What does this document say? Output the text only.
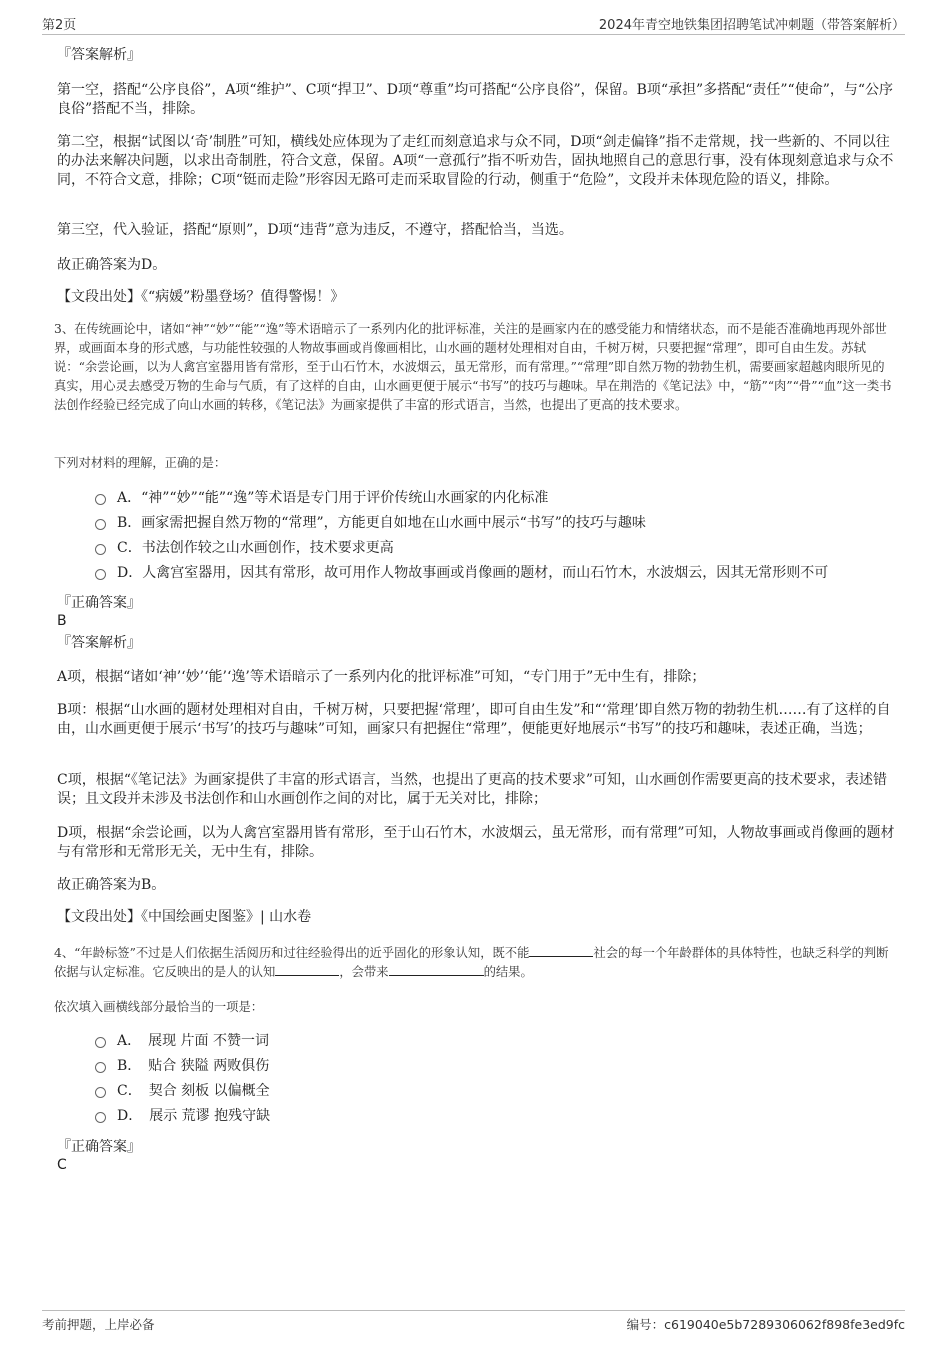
第2页	2024年青空地铁集团招聘笔试冲刺题（带答案解析）
『答案解析』

第一空，搭配“公序良俗”，A项“维护”、C项“捍卫”、D项“尊重”均可搭配“公序良俗”，保留。B项“承担”多搭配“责任”“使命”，与“公序良俗”搭配不当，排除。

第二空，根据“试图以‘奇’制胜”可知，横线处应体现为了走红而刻意追求与众不同，D项“剑走偏锋”指不走常规，找一些新的、不同以往的办法来解决问题，以求出奇制胜，符合文意，保留。A项“一意孤行”指不听劝告，固执地照自己的意思行事，没有体现刻意追求与众不同，不符合文意，排除；C项“铤而走险”形容因无路可走而采取冒险的行动，侧重于“危险”，文段并未体现危险的语义，排除。

第三空，代入验证，搭配“原则”，D项“违背”意为违反，不遵守，搭配恰当，当选。

故正确答案为D。

【文段出处】《“病媛”粉墨登场？值得警惕！》

3、在传统画论中，诸如“神”“妙”“能”“逸”等术语暗示了一系列内化的批评标准，关注的是画家内在的感受能力和情绪状态，而不是能否准确地再现外部世界，或画面本身的形式感，与功能性较强的人物故事画或肖像画相比，山水画的题材处理相对自由，千树万树，只要把握“常理”，即可自由生发。苏轼说：“余尝论画，以为人禽宫室器用皆有常形，至于山石竹木，水波烟云，虽无常形，而有常理。”“常理”即自然万物的勃勃生机，需要画家超越肉眼所见的真实，用心灵去感受万物的生命与气质，有了这样的自由，山水画更便于展示“书写”的技巧与趣味。早在荆浩的《笔记法》中，“筋”“肉”“骨”“血”这一类书法创作经验已经完成了向山水画的转移，《笔记法》为画家提供了丰富的形式语言，当然，也提出了更高的技术要求。

下列对材料的理解，正确的是：

A．“神”“妙”“能”“逸”等术语是专门用于评价传统山水画家的内化标准
B．画家需把握自然万物的“常理”，方能更自如地在山水画中展示“书写”的技巧与趣味
C．书法创作较之山水画创作，技术要求更高
D．人禽宫室器用，因其有常形，故可用作人物故事画或肖像画的题材，而山石竹木，水波烟云，因其无常形则不可
『正确答案』
B
『答案解析』

A项，根据“诸如‘神’‘妙’‘能’‘逸’等术语暗示了一系列内化的批评标准”可知，“专门用于”无中生有，排除；

B项：根据“山水画的题材处理相对自由，千树万树，只要把握‘常理’，即可自由生发”和“‘常理’即自然万物的勃勃生机……有了这样的自由，山水画更便于展示‘书写’的技巧与趣味”可知，画家只有把握住“常理”，便能更好地展示“书写”的技巧和趣味，表述正确，当选；

C项，根据“《笔记法》为画家提供了丰富的形式语言，当然，也提出了更高的技术要求”可知，山水画创作需要更高的技术要求，表述错误；且文段并未涉及书法创作和山水画创作之间的对比，属于无关对比，排除；

D项，根据“余尝论画，以为人禽宫室器用皆有常形，至于山石竹木，水波烟云，虽无常形，而有常理”可知，人物故事画或肖像画的题材与有常形和无常形无关，无中生有，排除。

故正确答案为B。

【文段出处】《中国绘画史图鉴》| 山水卷

4、“年龄标签”不过是人们依据生活阅历和过往经验得出的近乎固化的形象认知，既不能	社会的每一个年龄群体的具体特性，也缺乏科学的判断依据与认定标准。它反映出的是人的认知	，会带来	的结果。

依次填入画横线部分最恰当的一项是：

A．　展现 片面 不赞一词
B．　贴合 狭隘 两败俱伤
C．　契合 刻板 以偏概全
D．　展示 荒谬 抱残守缺
『正确答案』
C
考前押题，上岸必备	编号：c619040e5b7289306062f898fe3ed9fc
